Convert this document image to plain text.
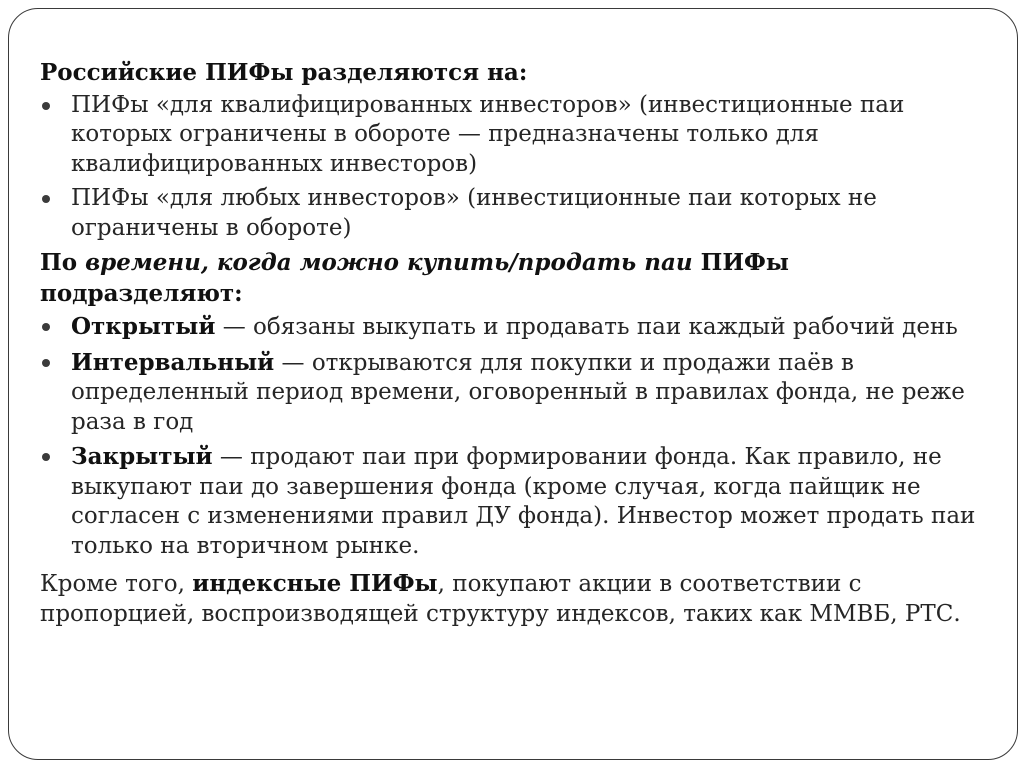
Российские ПИФы разделяются на:

ПИФы «для квалифицированных инвесторов» (инвестиционные паи которых ограничены в обороте — предназначены только для квалифицированных инвесторов)
ПИФы «для любых инвесторов» (инвестиционные паи которых не ограничены в обороте)

По времени, когда можно купить/продать паи ПИФы подразделяют:

Открытый — обязаны выкупать и продавать паи каждый рабочий день
Интервальный — открываются для покупки и продажи паёв в определенный период времени, оговоренный в правилах фонда, не реже раза в год
Закрытый — продают паи при формировании фонда. Как правило, не выкупают паи до завершения фонда (кроме случая, когда пайщик не согласен с изменениями правил ДУ фонда). Инвестор может продать паи только на вторичном рынке.

Кроме того, индексные ПИФы, покупают акции в соответствии с пропорцией, воспроизводящей структуру индексов, таких как ММВБ, РТС.
